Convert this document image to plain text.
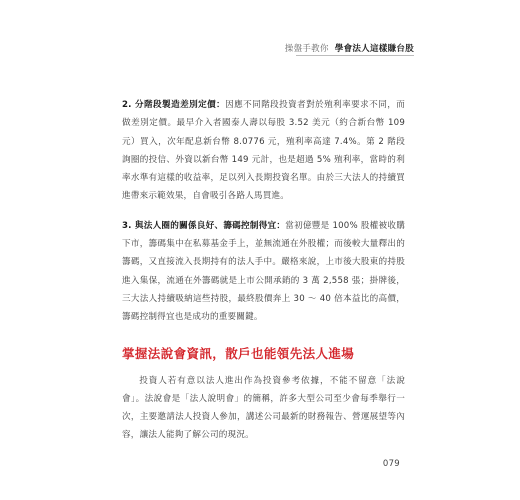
操盤手教你 學會法人這樣賺台股

2. 分階段製造差別定價：因應不同階段投資者對於殖利率要求不同，而做差別定價。最早介入者國泰人壽以每股 3.52 美元（約合新台幣 109 元）買入，次年配息新台幣 8.0776 元，殖利率高達 7.4%。第 2 階段詢圈的投信、外資以新台幣 149 元計，也是超過 5% 殖利率，當時的利率水準有這樣的收益率，足以列入長期投資名單。由於三大法人的持續買進帶來示範效果，自會吸引各路人馬買進。

3. 與法人圈的關係良好、籌碼控制得宜：當初億豐是 100% 股權被收購下市，籌碼集中在私募基金手上，並無流通在外股權；而後較大量釋出的籌碼，又直接流入長期持有的法人手中。嚴格來說，上市後大股東的持股進入集保，流通在外籌碼就是上市公開承銷的 3 萬 2,558 張；掛牌後，三大法人持續吸納這些持股，最終股價奔上 30 ～ 40 倍本益比的高價，籌碼控制得宜也是成功的重要關鍵。

掌握法說會資訊，散戶也能領先法人進場

投資人若有意以法人進出作為投資參考依據，不能不留意「法說會」。法說會是「法人說明會」的簡稱，許多大型公司至少會每季舉行一次，主要邀請法人投資人參加，講述公司最新的財務報告、營運展望等內容，讓法人能夠了解公司的現況。

079
